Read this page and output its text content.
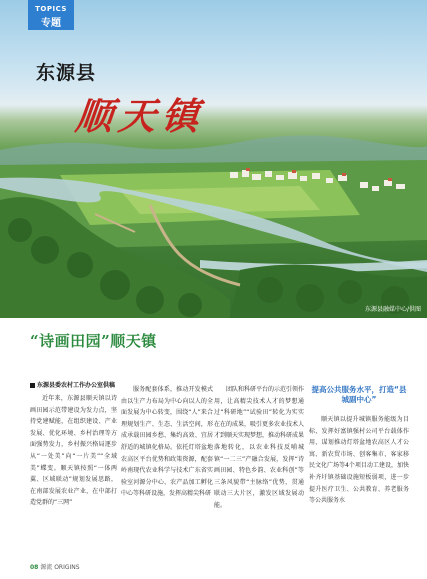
TOPICS
专题
东源县
顺天镇
东源县融媒中心/供图
“诗画田园”顺天镇
东源县委农村工作办公室供稿

近年来，东源县顺天镇以诗画田园示范带建设为发力点，坚持党建赋能，在组织建设、产业发展、优化环境、乡村治理等方面强势发力，乡村振兴格局逐步从“一处美”向“一片美”“全域美”蝶变。顺天镇按照“一体两翼、区域联动”规划发展思路，在南部发展农业产业，在中部打造党群的“三网”

服务配套体系，推动开发模式由以生产力布局为中心向以人的全面发展为中心转变，围绕“人”来合理规划生产、生态、生活空间，形成承载田园乡愁、集约高效、宜居舒适的城镇化格局。依托灯塔盆地农高区平台优势和政策资源，配套岭南现代农业科学与技术广东省实验室河源分中心、农产品加工孵化中心等科研设施，发挥高精尖科研

团队和科研平台的示范引领作用，让高精尖技术人才的梦想通过“科研地”“试验田”转化为实实在在的成果，吸引更多农业技术人才到顺天实现梦想，推动科研成果落地转化，以农业科技反哺城镇“一二三”产融合发展，发挥“诗画田园、特色乡韵、农业科创”等三条风貌带“主脉络”优势，贯通联动三大片区，激发区域发展动能。

提高公共服务水平，打造“县城副中心”

顺天镇以提升城镇服务能级为目标，发挥好富镇强村公司平台载体作用，谋划推动灯塔盆地农高区人才公寓、新农贸市场、创客集市、客家移民文化广场等4个项目动工建设，加快补齐圩镇基础设施短板弱项，进一步提升医疗卫生、公共教育、养老服务等公共服务水

08 源流 ORIGINS
